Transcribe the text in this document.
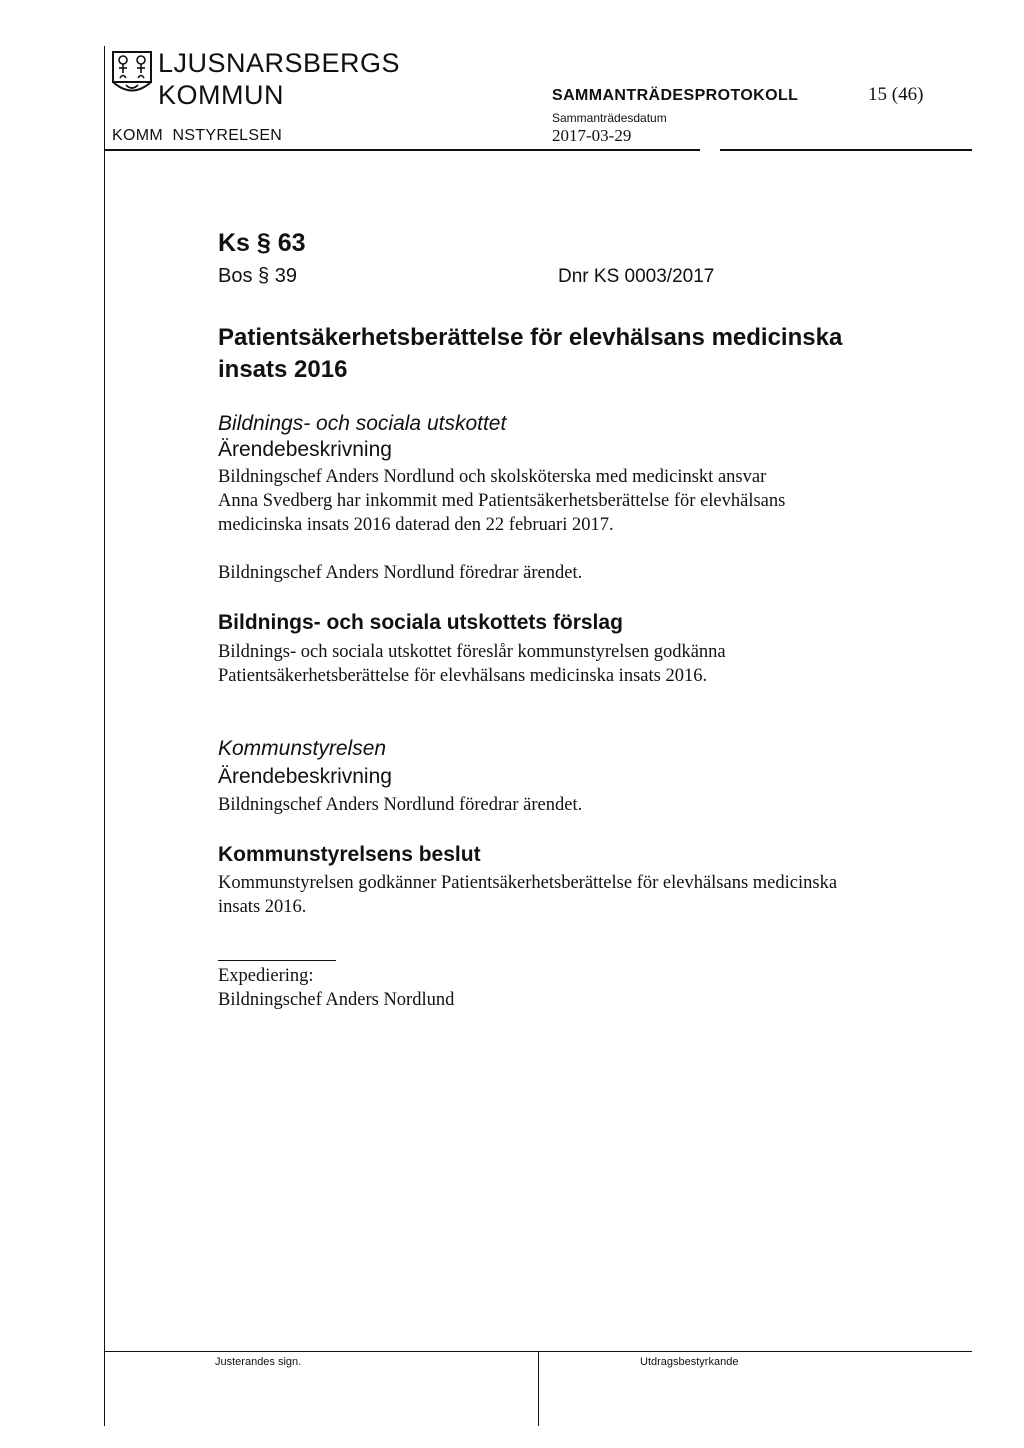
LJUSNARSBERGS
KOMMUN
KOMM  NSTYRELSEN
SAMMANTRÄDESPROTOKOLL	15 (46)
Sammanträdesdatum
2017-03-29
Ks § 63
Bos § 39	Dnr KS 0003/2017
Patientsäkerhetsberättelse för elevhälsans medicinska insats 2016
Bildnings- och sociala utskottet
Ärendebeskrivning
Bildningschef Anders Nordlund och skolsköterska med medicinskt ansvar
Anna Svedberg har inkommit med Patientsäkerhetsberättelse för elevhälsans
medicinska insats 2016 daterad den 22 februari 2017.
Bildningschef Anders Nordlund föredrar ärendet.
Bildnings- och sociala utskottets förslag
Bildnings- och sociala utskottet föreslår kommunstyrelsen godkänna
Patientsäkerhetsberättelse för elevhälsans medicinska insats 2016.
Kommunstyrelsen
Ärendebeskrivning
Bildningschef Anders Nordlund föredrar ärendet.
Kommunstyrelsens beslut
Kommunstyrelsen godkänner Patientsäkerhetsberättelse för elevhälsans medicinska
insats 2016.
Expediering:
Bildningschef Anders Nordlund
Justerandes sign.	Utdragsbestyrkande
